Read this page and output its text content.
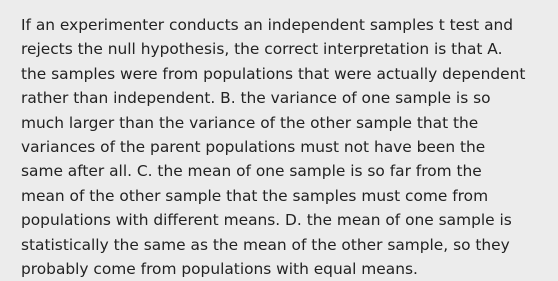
If an experimenter conducts an independent samples t test and
rejects the null hypothesis, the correct interpretation is that A.
the samples were from populations that were actually dependent
rather than independent. B. the variance of one sample is so
much larger than the variance of the other sample that the
variances of the parent populations must not have been the
same after all. C. the mean of one sample is so far from the
mean of the other sample that the samples must come from
populations with different means. D. the mean of one sample is
statistically the same as the mean of the other sample, so they
probably come from populations with equal means.
